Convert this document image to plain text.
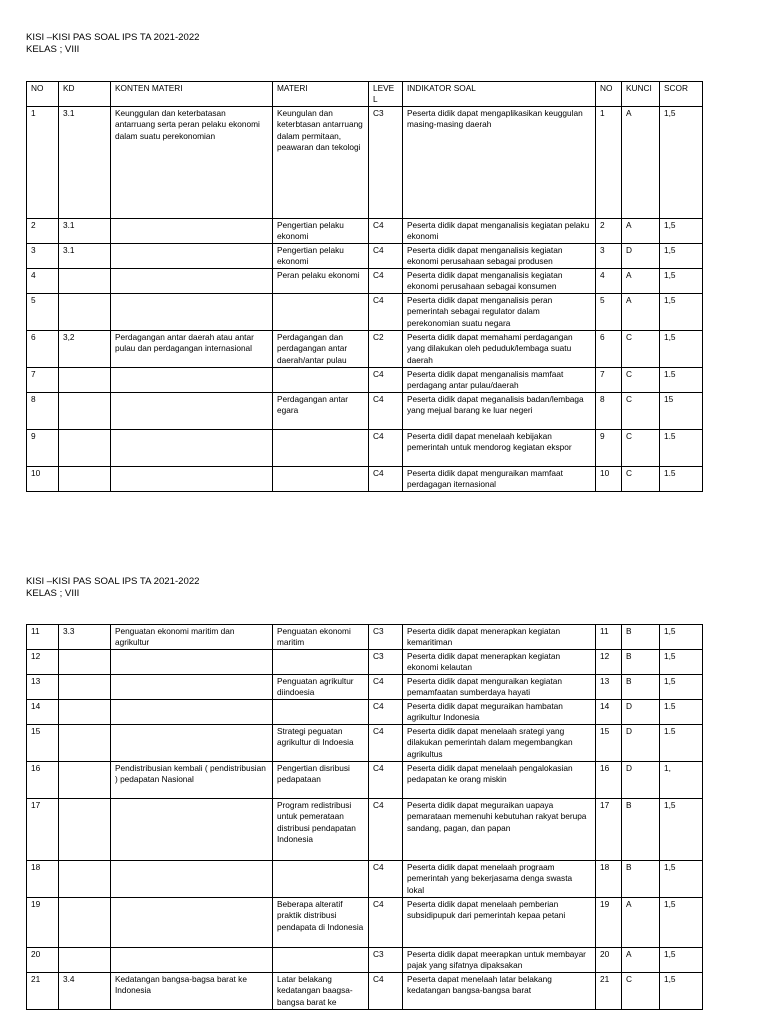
KISI –KISI PAS SOAL IPS TA 2021-2022
KELAS ; VIII
NO	KD	KONTEN MATERI	MATERI	LEVEL	INDIKATOR SOAL	NO	KUNCI	SCOR
1	3.1	Keunggulan dan keterbatasan antarruang serta peran pelaku ekonomi dalam suatu perekonomian	Keungulan dan keterbtasan antarruang dalam permitaan, peawaran dan tekologi	C3	Peserta didik dapat mengaplikasikan keuggulan masing-masing daerah	1	A	1,5
2	3.1		Pengertian pelaku ekonomi	C4	Peserta didik dapat menganalisis kegiatan pelaku ekonomi	2	A	1,5
3	3.1		Pengertian pelaku ekonomi	C4	Peserta didik dapat menganalisis kegiatan ekonomi perusahaan sebagai produsen	3	D	1,5
4			Peran pelaku ekonomi	C4	Peserta didik dapat menganalisis kegiatan ekonomi perusahaan sebagai konsumen	4	A	1,5
5				C4	Peserta didik dapat menganalisis peran pemerintah sebagai regulator dalam perekonomian suatu negara	5	A	1,5
6	3,2	Perdagangan antar daerah atau antar pulau dan perdagangan internasional	Perdagangan dan perdagangan antar daerah/antar pulau	C2	Peserta didik dapat memahami perdagangan yang dilakukan oleh peduduk/lembaga suatu daerah	6	C	1,5
7				C4	Peserta didik dapat menganalisis mamfaat perdagang antar pulau/daerah	7	C	1.5
8			Perdagangan antar egara	C4	Peserta didik dapat meganalisis badan/lembaga yang mejual barang ke luar negeri	8	C	15
9				C4	Peserta didil dapat menelaah kebijakan pemerintah untuk mendorog kegiatan ekspor	9	C	1.5
10				C4	Peserta didik dapat menguraikan mamfaat perdagagan iternasional	10	C	1.5
KISI –KISI PAS SOAL IPS TA 2021-2022
KELAS ; VIII
11	3.3	Penguatan ekonomi maritim dan agrikultur	Penguatan ekonomi maritim	C3	Peserta didik dapat menerapkan kegiatan kemaritiman	11	B	1,5
12				C3	Peserta didik dapat menerapkan kegiatan ekonomi kelautan	12	B	1,5
13			Penguatan agrikultur diindoesia	C4	Peserta didik dapat menguraikan kegiatan pemamfaatan sumberdaya hayati	13	B	1,5
14				C4	Peserta didik dapat meguraikan hambatan agrikultur Indonesia	14	D	1.5
15			Strategi peguatan agrikultur di Indoesia	C4	Peserta didik dapat menelaah srategi yang dilakukan pemerintah dalam megembangkan agrikultus	15	D	1.5
16		Pendistribusian kembali ( pendistribusian ) pedapatan Nasional	Pengertian disribusi pedapataan	C4	Peserta didik dapat menelaah pengalokasian pedapatan ke orang miskin	16	D	1,
17			Program redistribusi untuk pemerataan distribusi pendapatan Indonesia	C4	Peserta didik dapat meguraikan uapaya pemarataan memenuhi kebutuhan rakyat berupa sandang, pagan, dan papan	17	B	1,5
18				C4	Peserta didik dapat menelaah prograam pemerintah yang bekerjasama denga swasta lokal	18	B	1,5
19			Beberapa alteratif praktik distribusi pendapata di Indonesia	C4	Peserta didik dapat menelaah pemberian subsidipupuk dari pemerintah kepaa petani	19	A	1,5
20				C3	Peserta didik dapat meerapkan untuk membayar pajak yang sifatnya dipaksakan	20	A	1,5
21	3.4	Kedatangan bangsa-bagsa barat ke Indonesia	Latar belakang kedatangan baagsa-bangsa barat ke	C4	Peserta dapat menelaah latar belakang kedatangan bangsa-bangsa barat	21	C	1,5
